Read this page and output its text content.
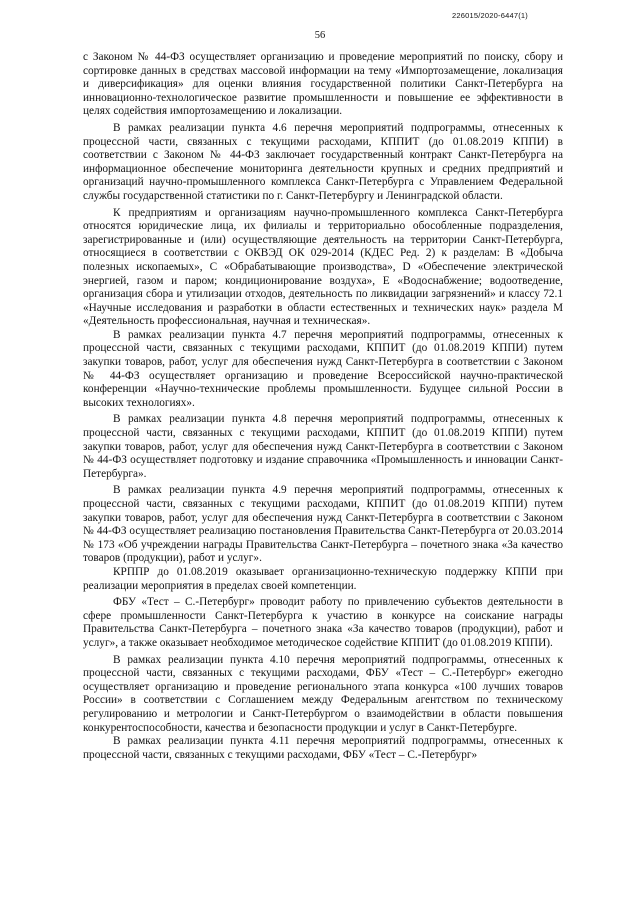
226015/2020-6447(1)
56

с Законом № 44-ФЗ осуществляет организацию и проведение мероприятий по поиску, сбору и сортировке данных в средствах массовой информации на тему «Импортозамещение, локализация и диверсификация» для оценки влияния государственной политики Санкт-Петербурга на инновационно-технологическое развитие промышленности и повышение ее эффективности в целях содействия импортозамещению и локализации.

В рамках реализации пункта 4.6 перечня мероприятий подпрограммы, отнесенных к процессной части, связанных с текущими расходами, КППИТ (до 01.08.2019 КППИ) в соответствии с Законом № 44-ФЗ заключает государственный контракт Санкт-Петербурга на информационное обеспечение мониторинга деятельности крупных и средних предприятий и организаций научно-промышленного комплекса Санкт-Петербурга с Управлением Федеральной службы государственной статистики по г. Санкт-Петербургу и Ленинградской области.

К предприятиям и организациям научно-промышленного комплекса Санкт-Петербурга относятся юридические лица, их филиалы и территориально обособленные подразделения, зарегистрированные и (или) осуществляющие деятельность на территории Санкт-Петербурга, относящиеся в соответствии с ОКВЭД ОК 029-2014 (КДЕС Ред. 2) к разделам: B «Добыча полезных ископаемых», C «Обрабатывающие производства», D «Обеспечение электрической энергией, газом и паром; кондиционирование воздуха», E «Водоснабжение; водоотведение, организация сбора и утилизации отходов, деятельность по ликвидации загрязнений» и классу 72.1 «Научные исследования и разработки в области естественных и технических наук» раздела M «Деятельность профессиональная, научная и техническая».

В рамках реализации пункта 4.7 перечня мероприятий подпрограммы, отнесенных к процессной части, связанных с текущими расходами, КППИТ (до 01.08.2019 КППИ) путем закупки товаров, работ, услуг для обеспечения нужд Санкт-Петербурга в соответствии с Законом № 44-ФЗ осуществляет организацию и проведение Всероссийской научно-практической конференции «Научно-технические проблемы промышленности. Будущее сильной России в высоких технологиях».

В рамках реализации пункта 4.8 перечня мероприятий подпрограммы, отнесенных к процессной части, связанных с текущими расходами, КППИТ (до 01.08.2019 КППИ) путем закупки товаров, работ, услуг для обеспечения нужд Санкт-Петербурга в соответствии с Законом № 44-ФЗ осуществляет подготовку и издание справочника «Промышленность и инновации Санкт-Петербурга».

В рамках реализации пункта 4.9 перечня мероприятий подпрограммы, отнесенных к процессной части, связанных с текущими расходами, КППИТ (до 01.08.2019 КППИ) путем закупки товаров, работ, услуг для обеспечения нужд Санкт-Петербурга в соответствии с Законом № 44-ФЗ осуществляет реализацию постановления Правительства Санкт-Петербурга от 20.03.2014 № 173 «Об учреждении награды Правительства Санкт-Петербурга – почетного знака «За качество товаров (продукции), работ и услуг».

КРППР до 01.08.2019 оказывает организационно-техническую поддержку КППИ при реализации мероприятия в пределах своей компетенции.

ФБУ «Тест – С.-Петербург» проводит работу по привлечению субъектов деятельности в сфере промышленности Санкт-Петербурга к участию в конкурсе на соискание награды Правительства Санкт-Петербурга – почетного знака «За качество товаров (продукции), работ и услуг», а также оказывает необходимое методическое содействие КППИТ (до 01.08.2019 КППИ).

В рамках реализации пункта 4.10 перечня мероприятий подпрограммы, отнесенных к процессной части, связанных с текущими расходами, ФБУ «Тест – С.-Петербург» ежегодно осуществляет организацию и проведение регионального этапа конкурса «100 лучших товаров России» в соответствии с Соглашением между Федеральным агентством по техническому регулированию и метрологии и Санкт-Петербургом о взаимодействии в области повышения конкурентоспособности, качества и безопасности продукции и услуг в Санкт-Петербурге.

В рамках реализации пункта 4.11 перечня мероприятий подпрограммы, отнесенных к процессной части, связанных с текущими расходами, ФБУ «Тест – С.-Петербург»
